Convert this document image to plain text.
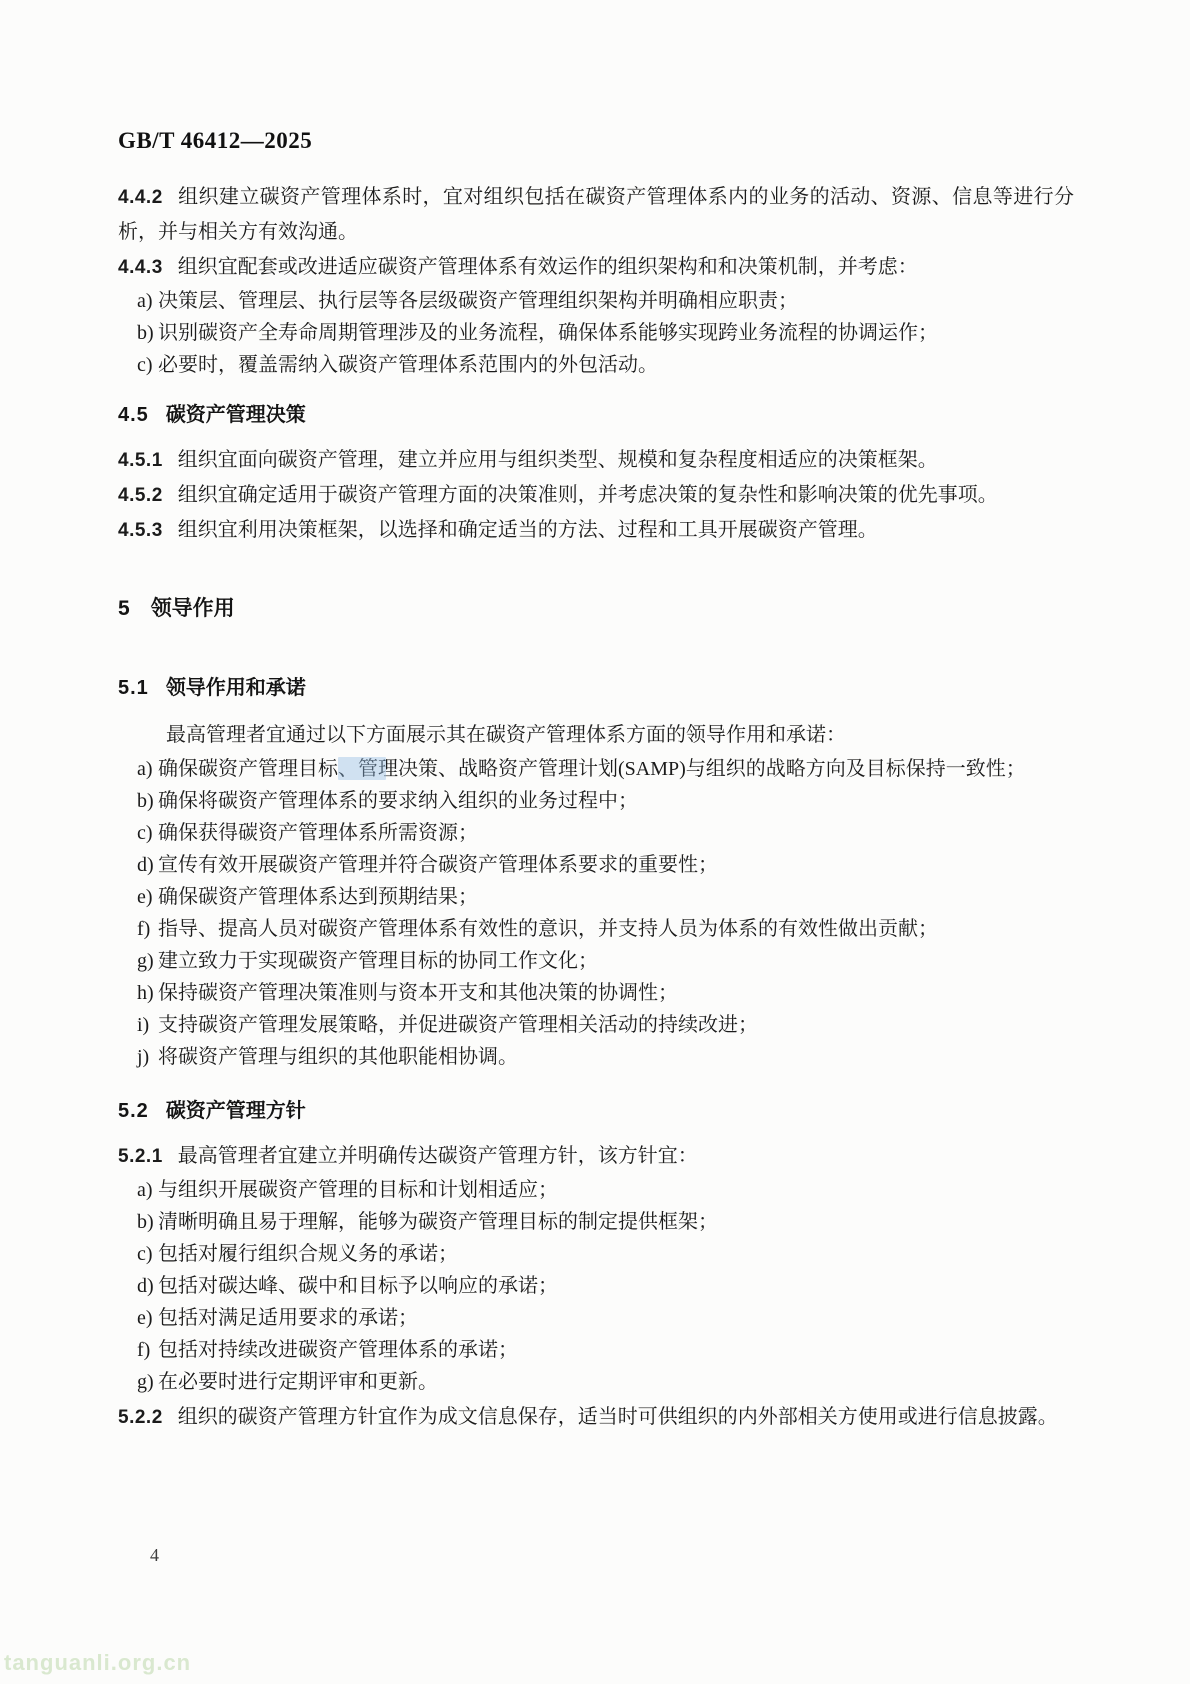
GB/T 46412—2025

4.4.2 组织建立碳资产管理体系时，宜对组织包括在碳资产管理体系内的业务的活动、资源、信息等进行分析，并与相关方有效沟通。

4.4.3 组织宜配套或改进适应碳资产管理体系有效运作的组织架构和和决策机制，并考虑：

a) 决策层、管理层、执行层等各层级碳资产管理组织架构并明确相应职责；
b) 识别碳资产全寿命周期管理涉及的业务流程，确保体系能够实现跨业务流程的协调运作；
c) 必要时，覆盖需纳入碳资产管理体系范围内的外包活动。
4.5 碳资产管理决策

4.5.1 组织宜面向碳资产管理，建立并应用与组织类型、规模和复杂程度相适应的决策框架。

4.5.2 组织宜确定适用于碳资产管理方面的决策准则，并考虑决策的复杂性和影响决策的优先事项。

4.5.3 组织宜利用决策框架，以选择和确定适当的方法、过程和工具开展碳资产管理。

5 领导作用
5.1 领导作用和承诺

最高管理者宜通过以下方面展示其在碳资产管理体系方面的领导作用和承诺：

a) 确保碳资产管理目标、管理决策、战略资产管理计划(SAMP)与组织的战略方向及目标保持一致性；
b) 确保将碳资产管理体系的要求纳入组织的业务过程中；
c) 确保获得碳资产管理体系所需资源；
d) 宣传有效开展碳资产管理并符合碳资产管理体系要求的重要性；
e) 确保碳资产管理体系达到预期结果；
f) 指导、提高人员对碳资产管理体系有效性的意识，并支持人员为体系的有效性做出贡献；
g) 建立致力于实现碳资产管理目标的协同工作文化；
h) 保持碳资产管理决策准则与资本开支和其他决策的协调性；
i) 支持碳资产管理发展策略，并促进碳资产管理相关活动的持续改进；
j) 将碳资产管理与组织的其他职能相协调。
5.2 碳资产管理方针

5.2.1 最高管理者宜建立并明确传达碳资产管理方针，该方针宜：

a) 与组织开展碳资产管理的目标和计划相适应；
b) 清晰明确且易于理解，能够为碳资产管理目标的制定提供框架；
c) 包括对履行组织合规义务的承诺；
d) 包括对碳达峰、碳中和目标予以响应的承诺；
e) 包括对满足适用要求的承诺；
f) 包括对持续改进碳资产管理体系的承诺；
g) 在必要时进行定期评审和更新。

5.2.2 组织的碳资产管理方针宜作为成文信息保存，适当时可供组织的内外部相关方使用或进行信息披露。

4
tanguanli.org.cn
